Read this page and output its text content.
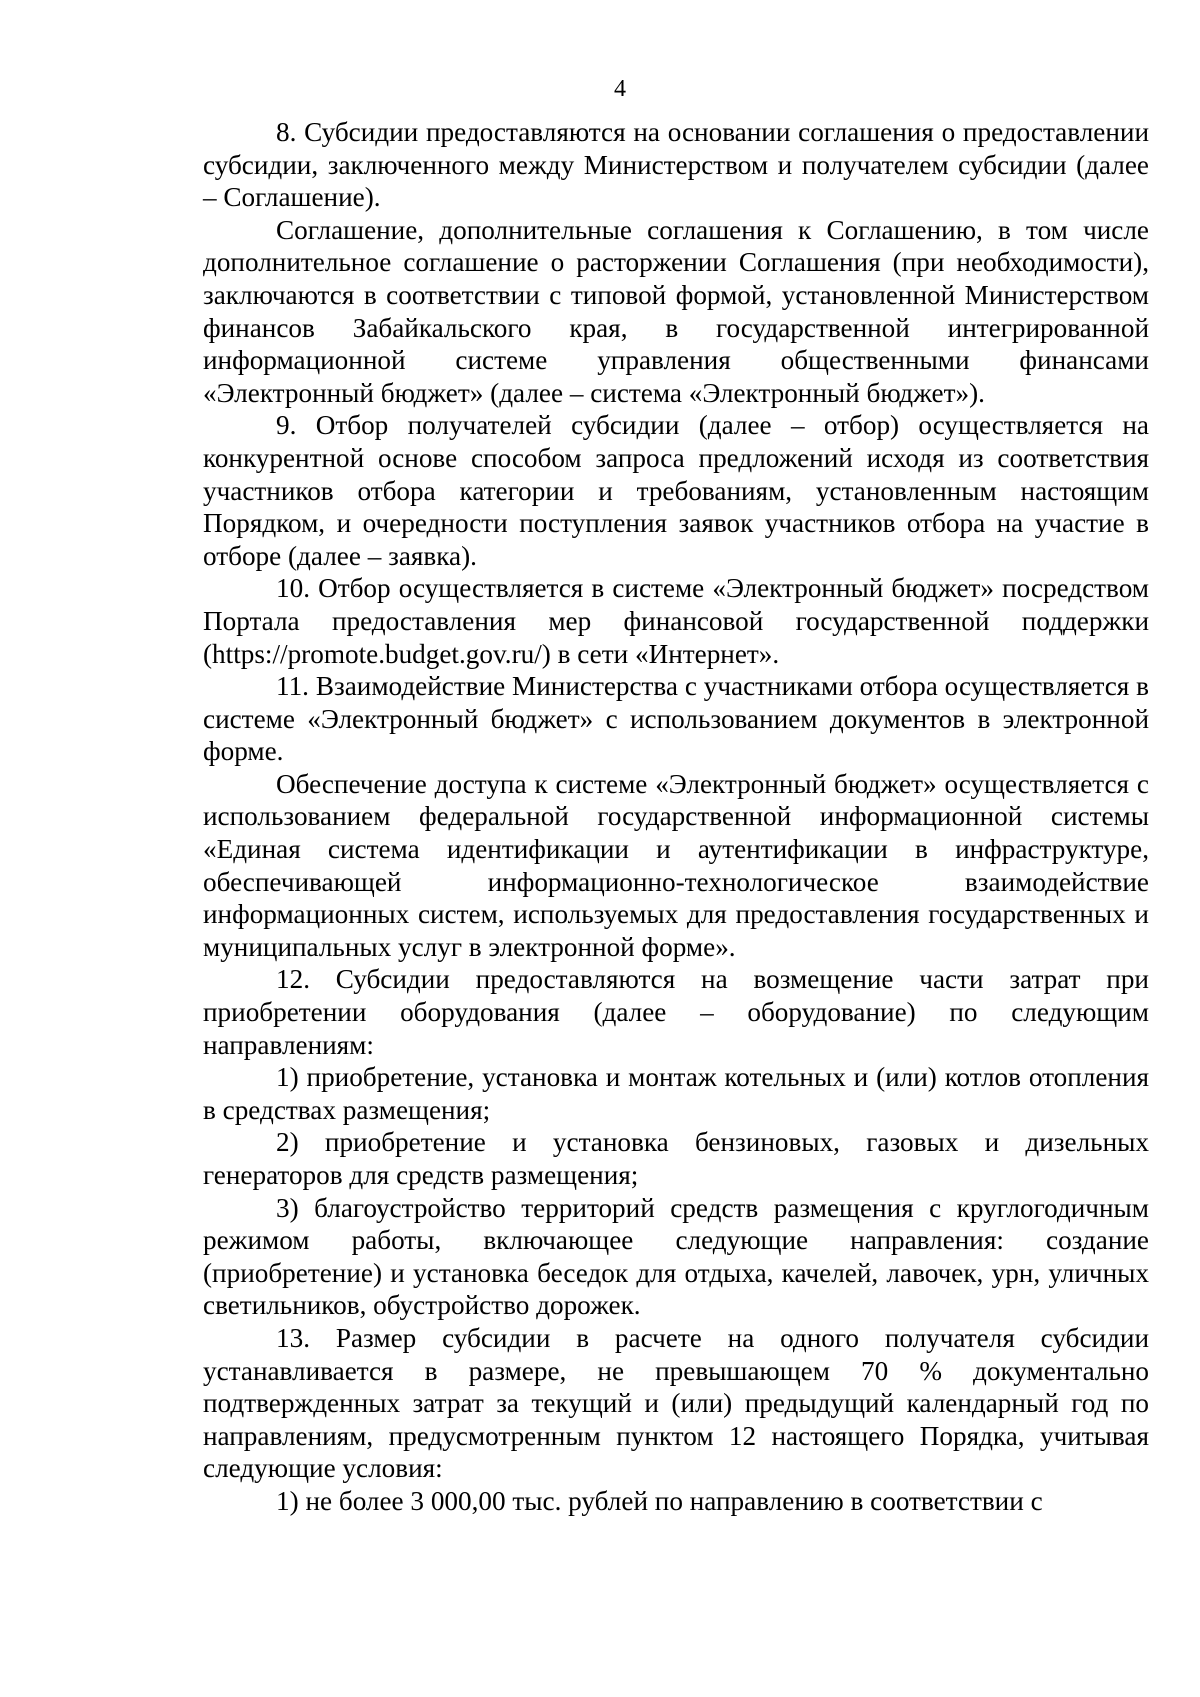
4

8. Субсидии предоставляются на основании соглашения о предоставлении субсидии, заключенного между Министерством и получателем субсидии (далее – Соглашение).

Соглашение, дополнительные соглашения к Соглашению, в том числе дополнительное соглашение о расторжении Соглашения (при необходимости), заключаются в соответствии с типовой формой, установленной Министерством финансов Забайкальского края, в государственной интегрированной информационной системе управления общественными финансами «Электронный бюджет» (далее – система «Электронный бюджет»).

9. Отбор получателей субсидии (далее – отбор) осуществляется на конкурентной основе способом запроса предложений исходя из соответствия участников отбора категории и требованиям, установленным настоящим Порядком, и очередности поступления заявок участников отбора на участие в отборе (далее – заявка).

10. Отбор осуществляется в системе «Электронный бюджет» посредством Портала предоставления мер финансовой государственной поддержки (https://promote.budget.gov.ru/) в сети «Интернет».

11. Взаимодействие Министерства с участниками отбора осуществляется в системе «Электронный бюджет» с использованием документов в электронной форме.

Обеспечение доступа к системе «Электронный бюджет» осуществляется с использованием федеральной государственной информационной системы «Единая система идентификации и аутентификации в инфраструктуре, обеспечивающей информационно-технологическое взаимодействие информационных систем, используемых для предоставления государственных и муниципальных услуг в электронной форме».

12. Субсидии предоставляются на возмещение части затрат при приобретении оборудования (далее – оборудование) по следующим направлениям:

1) приобретение, установка и монтаж котельных и (или) котлов отопления в средствах размещения;

2) приобретение и установка бензиновых, газовых и дизельных генераторов для средств размещения;

3) благоустройство территорий средств размещения с круглогодичным режимом работы, включающее следующие направления: создание (приобретение) и установка беседок для отдыха, качелей, лавочек, урн, уличных светильников, обустройство дорожек.

13. Размер субсидии в расчете на одного получателя субсидии устанавливается в размере, не превышающем 70 % документально подтвержденных затрат за текущий и (или) предыдущий календарный год по направлениям, предусмотренным пунктом 12 настоящего Порядка, учитывая следующие условия:

1) не более 3 000,00 тыс. рублей по направлению в соответствии с
